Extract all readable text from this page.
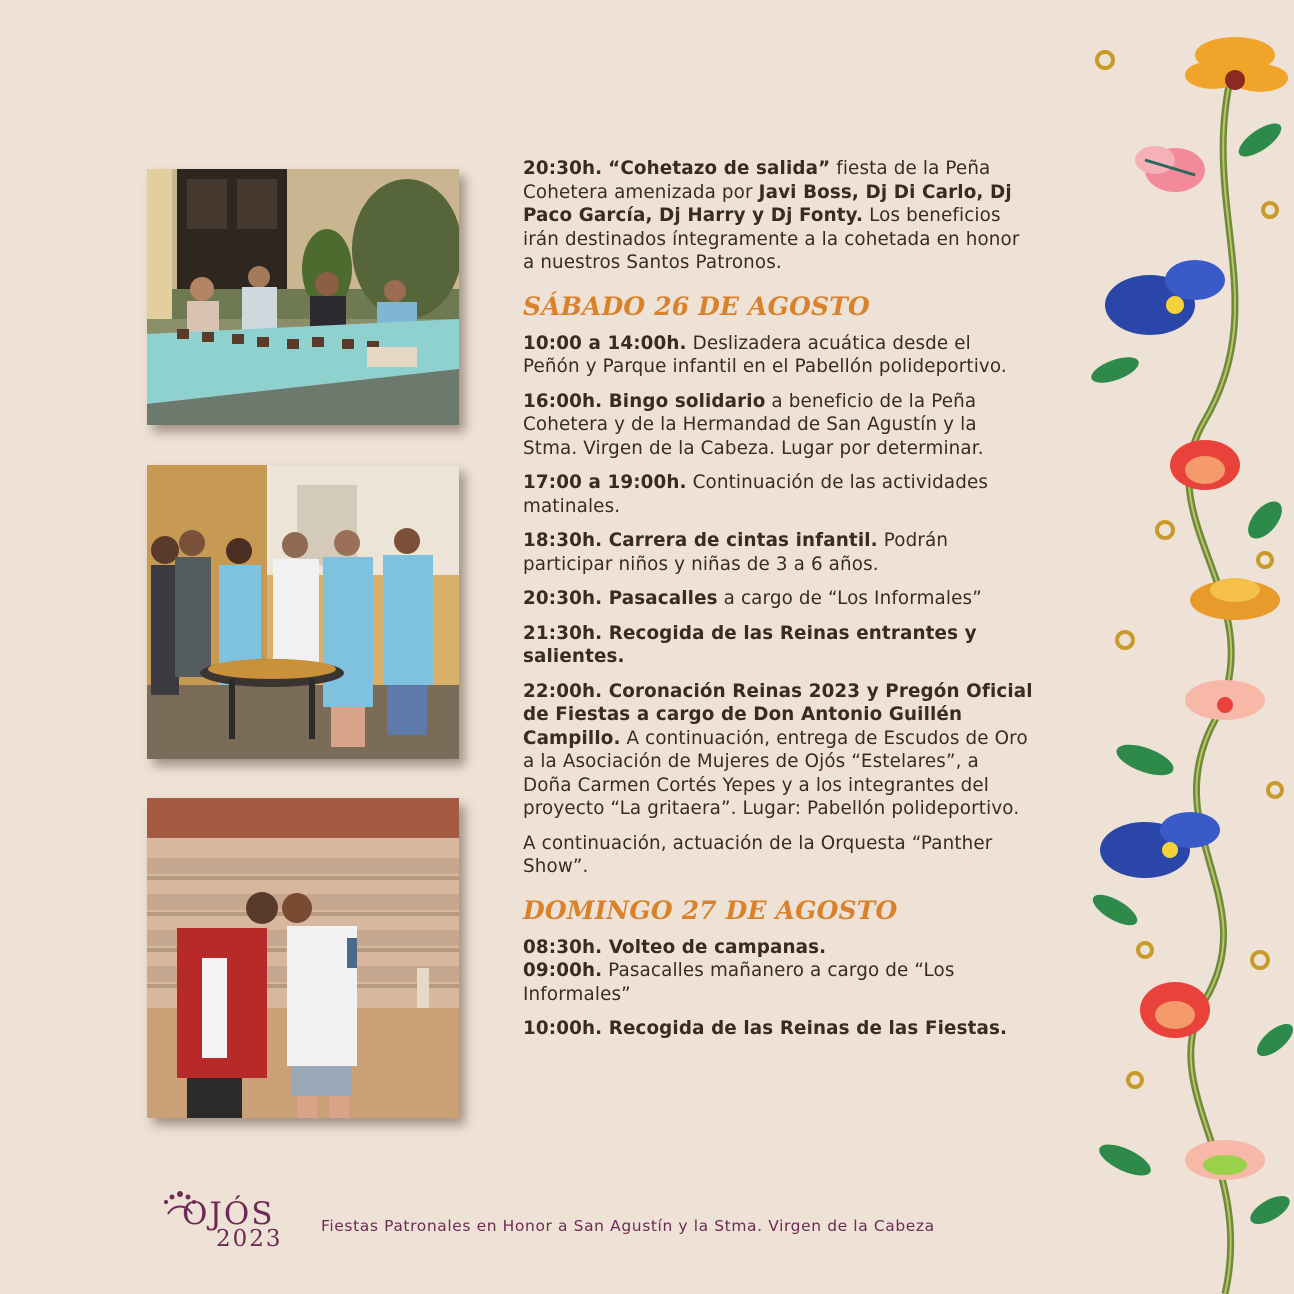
20:30h. “Cohetazo de salida” fiesta de la Peña Cohetera amenizada por Javi Boss, Dj Di Carlo, Dj Paco García, Dj Harry y Dj Fonty. Los beneficios irán destinados íntegramente a la cohetada en honor a nuestros Santos Patronos.

SÁBADO 26 DE AGOSTO

10:00 a 14:00h. Deslizadera acuática desde el Peñón y Parque infantil en el Pabellón polideportivo.

16:00h. Bingo solidario a beneficio de la Peña Cohetera y de la Hermandad de San Agustín y la Stma. Virgen de la Cabeza. Lugar por determinar.

17:00 a 19:00h. Continuación de las actividades matinales.

18:30h. Carrera de cintas infantil. Podrán participar niños y niñas de 3 a 6 años.

20:30h. Pasacalles a cargo de “Los Informales”

21:30h. Recogida de las Reinas entrantes y salientes.

22:00h. Coronación Reinas 2023 y Pregón Oficial de Fiestas a cargo de Don Antonio Guillén Campillo. A continuación, entrega de Escudos de Oro a la Asociación de Mujeres de Ojós “Estelares”, a Doña Carmen Cortés Yepes y a los integrantes del proyecto “La gritaera”. Lugar: Pabellón polideportivo.

A continuación, actuación de la Orquesta “Panther Show”.

DOMINGO 27 DE AGOSTO

08:30h. Volteo de campanas.

09:00h. Pasacalles mañanero a cargo de “Los Informales”

10:00h. Recogida de las Reinas de las Fiestas.

OJÓS
2023 Fiestas Patronales en Honor a San Agustín y la Stma. Virgen de la Cabeza
